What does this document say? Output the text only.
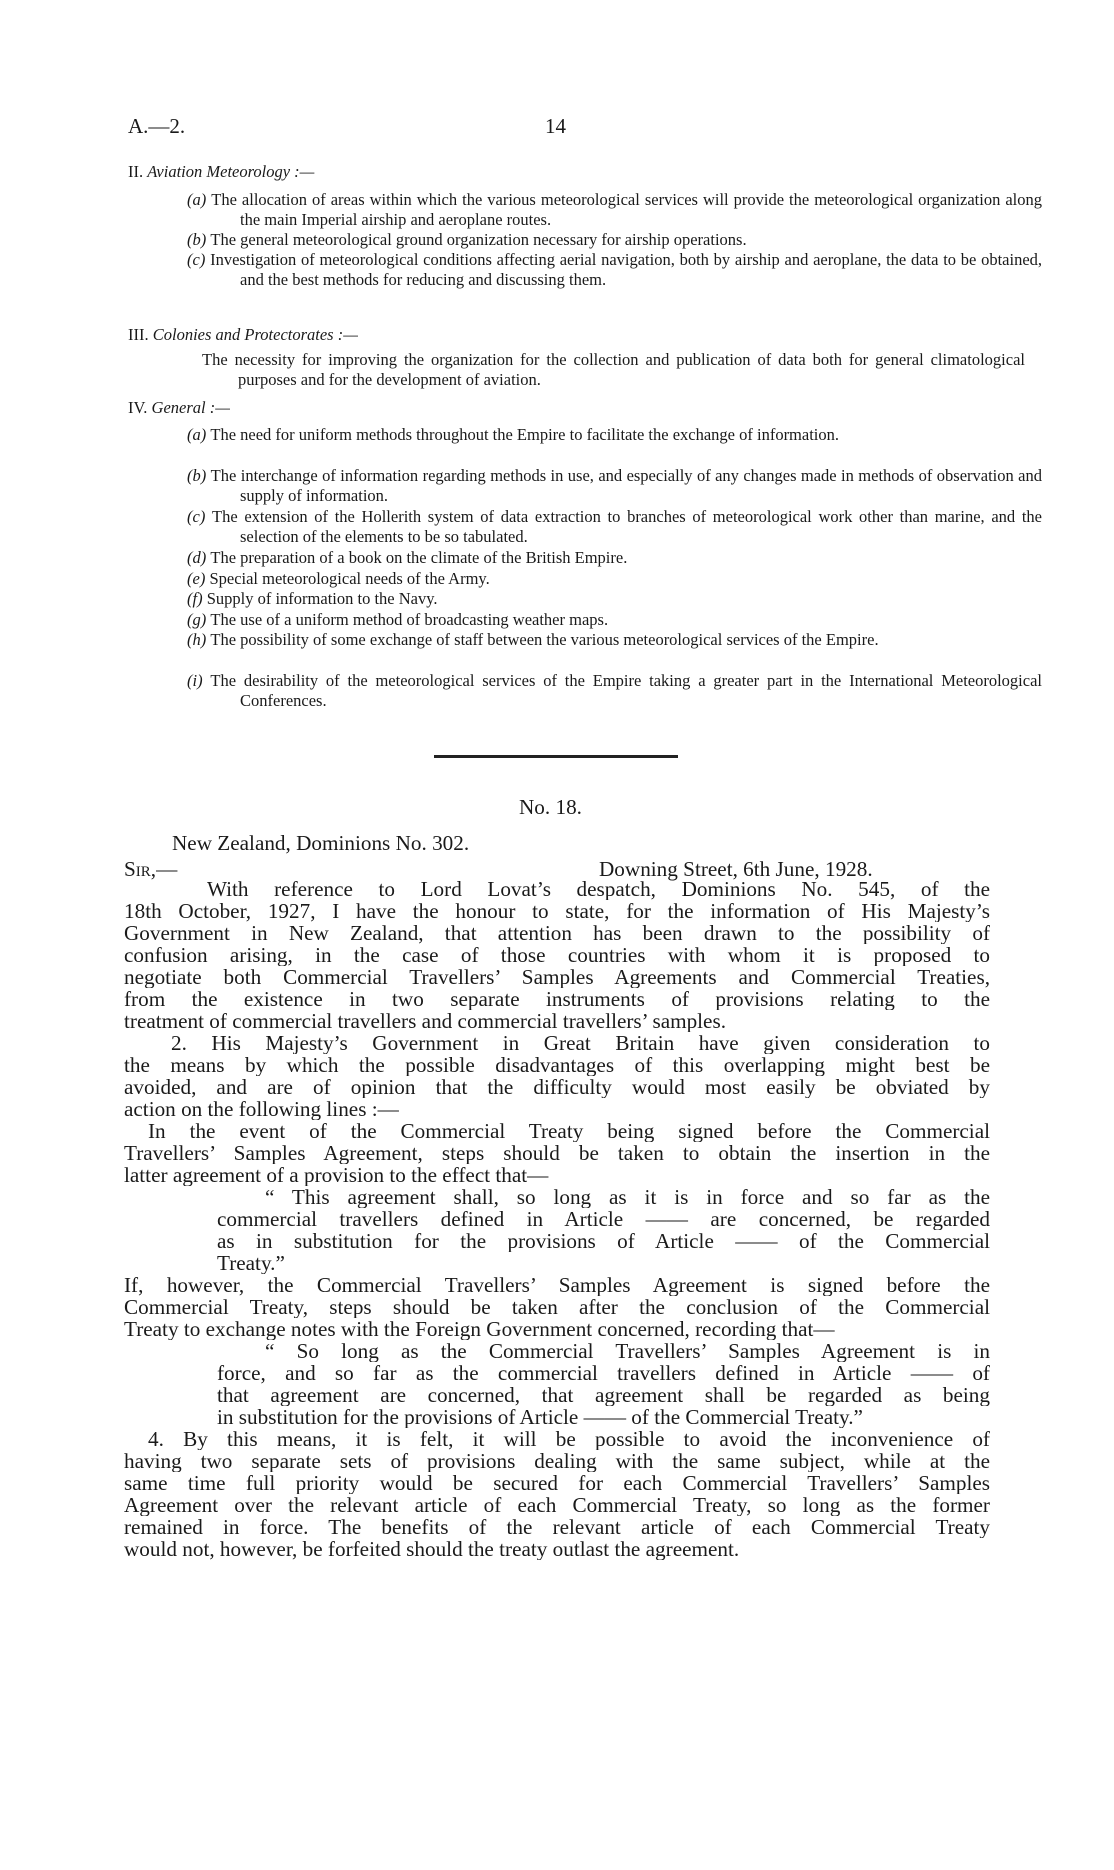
A.—2.	14
II. Aviation Meteorology :—
(a) The allocation of areas within which the various meteorological services will provide the meteorological organization along the main Imperial airship and aeroplane routes.
(b) The general meteorological ground organization necessary for airship operations.
(c) Investigation of meteorological conditions affecting aerial navigation, both by airship and aeroplane, the data to be obtained, and the best methods for reducing and discussing them.
III. Colonies and Protectorates :—
The necessity for improving the organization for the collection and publication of data both for general climatological purposes and for the development of aviation.
IV. General :—
(a) The need for uniform methods throughout the Empire to facilitate the exchange of information.
(b) The interchange of information regarding methods in use, and especially of any changes made in methods of observation and supply of information.
(c) The extension of the Hollerith system of data extraction to branches of meteorological work other than marine, and the selection of the elements to be so tabulated.
(d) The preparation of a book on the climate of the British Empire.
(e) Special meteorological needs of the Army.
(f) Supply of information to the Navy.
(g) The use of a uniform method of broadcasting weather maps.
(h) The possibility of some exchange of staff between the various meteorological services of the Empire.
(i) The desirability of the meteorological services of the Empire taking a greater part in the International Meteorological Conferences.
No. 18.
New Zealand, Dominions No. 302.
Sir,—	Downing Street, 6th June, 1928.
With reference to Lord Lovat’s despatch, Dominions No. 545, of the
18th October, 1927, I have the honour to state, for the information of His Majesty’s
Government in New Zealand, that attention has been drawn to the possibility of
confusion arising, in the case of those countries with whom it is proposed to
negotiate both Commercial Travellers’ Samples Agreements and Commercial Treaties,
from the existence in two separate instruments of provisions relating to the
treatment of commercial travellers and commercial travellers’ samples.
2. His Majesty’s Government in Great Britain have given consideration to
the means by which the possible disadvantages of this overlapping might best be
avoided, and are of opinion that the difficulty would most easily be obviated by
action on the following lines :—
In the event of the Commercial Treaty being signed before the Commercial
Travellers’ Samples Agreement, steps should be taken to obtain the insertion in the
latter agreement of a provision to the effect that—
“ This agreement shall, so long as it is in force and so far as the
commercial travellers defined in Article —— are concerned, be regarded
as in substitution for the provisions of Article —— of the Commercial
Treaty.”
If, however, the Commercial Travellers’ Samples Agreement is signed before the
Commercial Treaty, steps should be taken after the conclusion of the Commercial
Treaty to exchange notes with the Foreign Government concerned, recording that—
“ So long as the Commercial Travellers’ Samples Agreement is in
force, and so far as the commercial travellers defined in Article —— of
that agreement are concerned, that agreement shall be regarded as being
in substitution for the provisions of Article —— of the Commercial Treaty.”
4. By this means, it is felt, it will be possible to avoid the inconvenience of
having two separate sets of provisions dealing with the same subject, while at the
same time full priority would be secured for each Commercial Travellers’ Samples
Agreement over the relevant article of each Commercial Treaty, so long as the former
remained in force. The benefits of the relevant article of each Commercial Treaty
would not, however, be forfeited should the treaty outlast the agreement.
